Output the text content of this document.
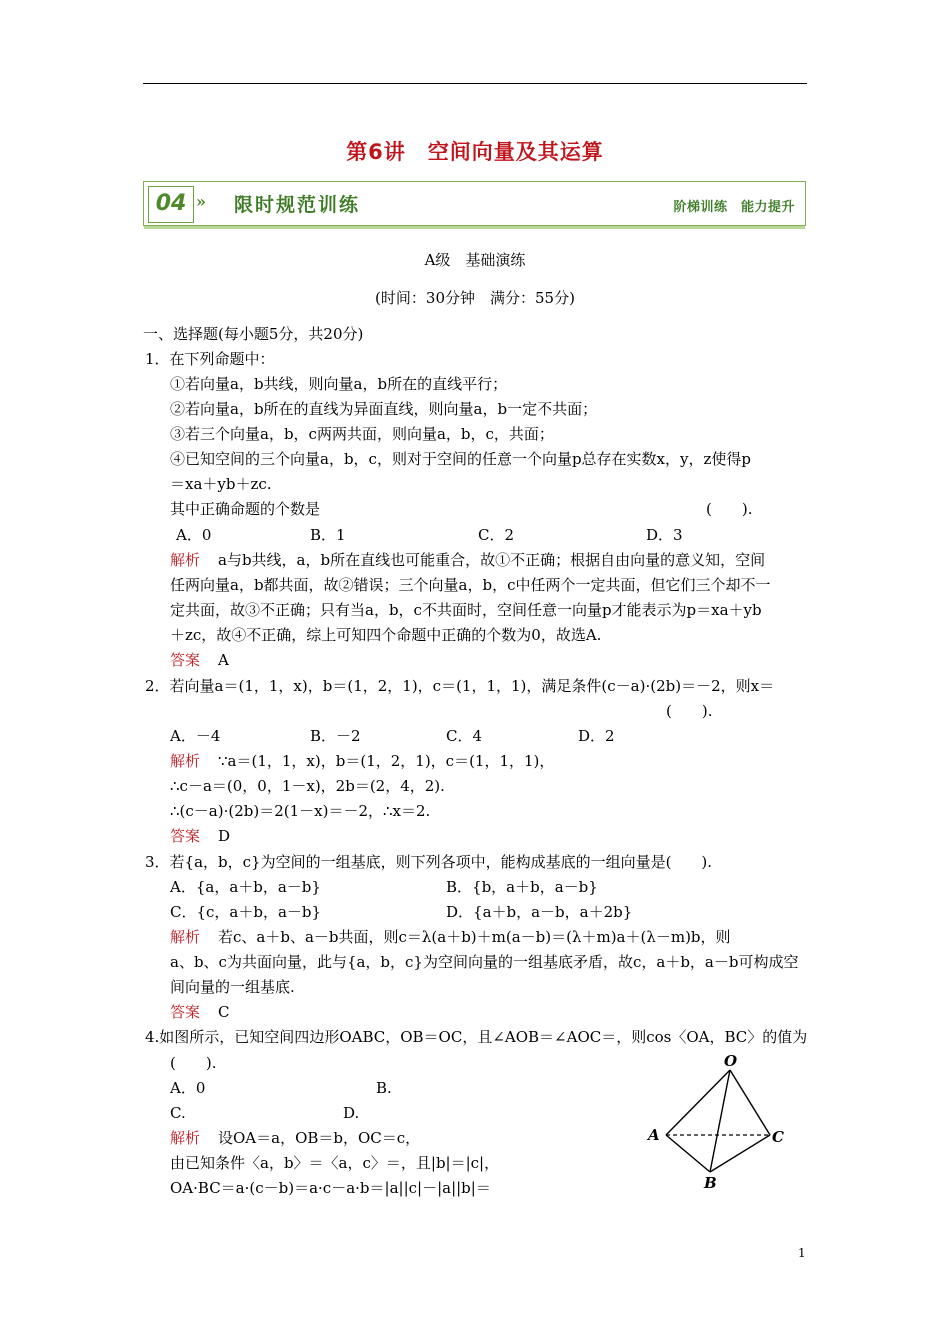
第6讲　空间向量及其运算
04 » 限时规范训练	阶梯训练　能力提升
A级　基础演练
(时间：30分钟　满分：55分)
一、选择题(每小题5分，共20分)
1．在下列命题中：
①若向量a，b共线，则向量a，b所在的直线平行；
②若向量a，b所在的直线为异面直线，则向量a，b一定不共面；
③若三个向量a，b，c两两共面，则向量a，b，c，共面；
④已知空间的三个向量a，b，c，则对于空间的任意一个向量p总存在实数x，y，z使得p
＝xa＋yb＋zc.
其中正确命题的个数是	(　　).
A．0	B．1	C．2	D．3
解析 a与b共线，a，b所在直线也可能重合，故①不正确；根据自由向量的意义知，空间
任两向量a，b都共面，故②错误；三个向量a，b，c中任两个一定共面，但它们三个却不一
定共面，故③不正确；只有当a，b，c不共面时，空间任意一向量p才能表示为p＝xa＋yb
＋zc，故④不正确，综上可知四个命题中正确的个数为0，故选A.
答案 A
2．若向量a＝(1，1，x)，b＝(1，2，1)，c＝(1，1，1)，满足条件(c－a)·(2b)＝－2，则x＝
(　　).
A．－4	B．－2	C．4	D．2
解析 ∵a＝(1，1，x)，b＝(1，2，1)，c＝(1，1，1)，
∴c－a＝(0，0，1－x)，2b＝(2，4，2).
∴(c－a)·(2b)＝2(1－x)＝－2，∴x＝2.
答案 D
3．若{a，b，c}为空间的一组基底，则下列各项中，能构成基底的一组向量是(　　).
A．{a，a＋b，a－b}	B．{b，a＋b，a－b}
C．{c，a＋b，a－b}	D．{a＋b，a－b，a＋2b}
解析 若c、a＋b、a－b共面，则c＝λ(a＋b)＋m(a－b)＝(λ＋m)a＋(λ－m)b，则
a、b、c为共面向量，此与{a，b，c}为空间向量的一组基底矛盾，故c，a＋b，a－b可构成空
间向量的一组基底.
答案 C
4.如图所示，已知空间四边形OABC，OB＝OC，且∠AOB＝∠AOC＝，则cos〈OA，BC〉的值为
(　　).
A．0	B.
C.	D.
解析 设OA＝a，OB＝b，OC＝c，
由已知条件〈a，b〉＝〈a，c〉＝，且|b|＝|c|，
OA·BC＝a·(c－b)＝a·c－a·b＝|a||c|－|a||b|＝
O
A
B
C
1
